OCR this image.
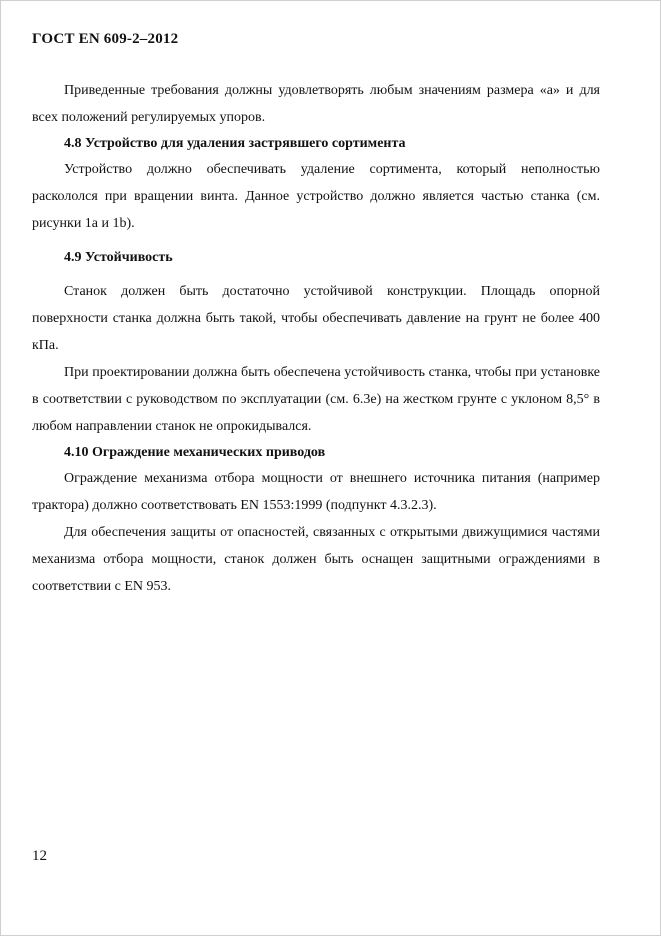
ГОСТ EN 609-2–2012

Приведенные требования должны удовлетворять любым значениям размера «a» и для всех положений регулируемых упоров.

4.8 Устройство для удаления застрявшего сортимента

Устройство должно обеспечивать удаление сортимента, который неполностью раскололся при вращении винта. Данное устройство должно является частью станка (см. рисунки 1a и 1b).

4.9 Устойчивость

Станок должен быть достаточно устойчивой конструкции. Площадь опорной поверхности станка должна быть такой, чтобы обеспечивать давление на грунт не более 400 кПа.

При проектировании должна быть обеспечена устойчивость станка, чтобы при установке в соответствии с руководством по эксплуатации (см. 6.3е) на жестком грунте с уклоном 8,5° в любом направлении станок не опрокидывался.

4.10 Ограждение механических приводов

Ограждение механизма отбора мощности от внешнего источника питания (например трактора) должно соответствовать EN 1553:1999 (подпункт 4.3.2.3).

Для обеспечения защиты от опасностей, связанных с открытыми движущимися частями механизма отбора мощности, станок должен быть оснащен защитными ограждениями в соответствии с EN 953.

12
